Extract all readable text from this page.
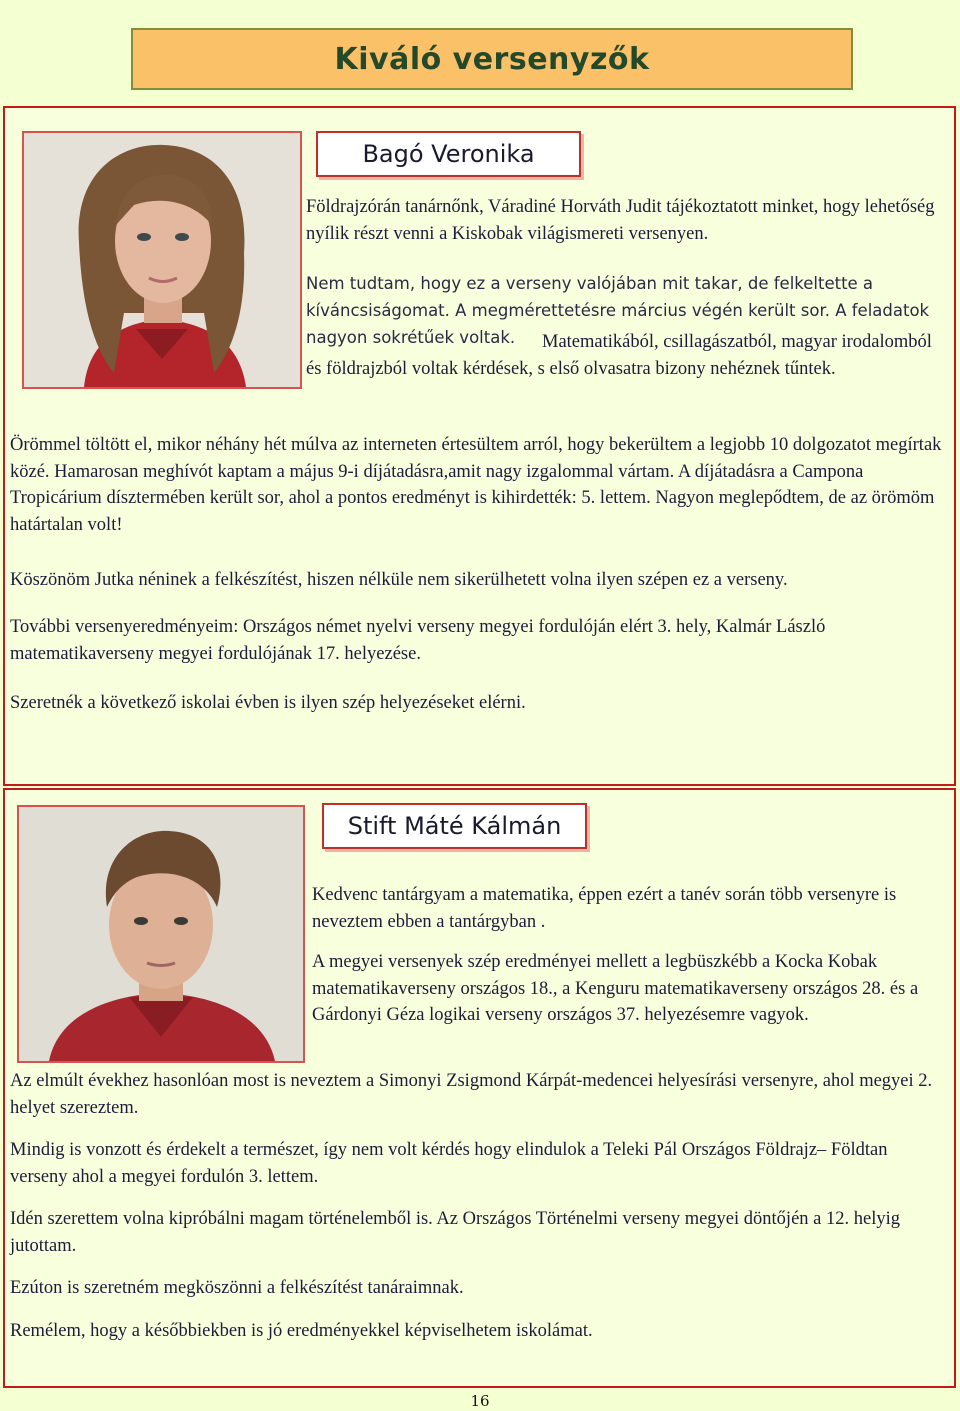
Kiváló versenyzők
Bagó Veronika

Földrajzórán tanárnőnk, Váradiné Horváth Judit tájékoztatott minket, hogy lehetőség nyílik részt venni a Kiskobak világismereti versenyen.

Nem tudtam, hogy ez a verseny valójában mit takar, de felkeltette a kíváncsiságomat. A megmérettetésre március végén került sor. A feladatok nagyon sokrétűek voltak.	Matematikából, csillagászatból, magyar irodalomból és földrajzból voltak kérdések, s első olvasatra bizony nehéznek tűntek.

Örömmel töltött el, mikor néhány hét múlva az interneten értesültem arról, hogy bekerültem a legjobb 10 dolgozatot megírtak közé. Hamarosan meghívót kaptam a május 9-i díjátadásra,amit nagy izgalommal vártam. A díjátadásra a Campona Tropicárium dísztermében került sor, ahol a pontos eredményt is kihirdették: 5. lettem. Nagyon meglepődtem, de az örömöm határtalan volt!

Köszönöm Jutka néninek a felkészítést, hiszen nélküle nem sikerülhetett volna ilyen szépen ez a verseny.

További versenyeredményeim: Országos német nyelvi verseny megyei fordulóján elért 3. hely, Kalmár László matematikaverseny megyei fordulójának 17. helyezése.

Szeretnék a következő iskolai évben is ilyen szép helyezéseket elérni.

Stift Máté Kálmán

Kedvenc tantárgyam a matematika, éppen ezért a tanév során több versenyre is neveztem ebben a tantárgyban .

A megyei versenyek szép eredményei mellett a legbüszkébb a Kocka Kobak matematikaverseny országos 18., a Kenguru matematikaverseny országos 28. és a Gárdonyi Géza logikai verseny országos 37. helyezésemre vagyok.

Az elmúlt évekhez hasonlóan most is neveztem a Simonyi Zsigmond Kárpát-medencei helyesírási versenyre, ahol megyei 2. helyet szereztem.

Mindig is vonzott és érdekelt a természet, így nem volt kérdés hogy elindulok a Teleki Pál Országos Földrajz– Földtan verseny ahol a megyei fordulón 3. lettem.

Idén szerettem volna kipróbálni magam történelemből is. Az Országos Történelmi verseny megyei döntőjén a 12. helyig jutottam.

Ezúton is szeretném megköszönni a felkészítést tanáraimnak.

Remélem, hogy a későbbiekben is jó eredményekkel képviselhetem iskolámat.

16
